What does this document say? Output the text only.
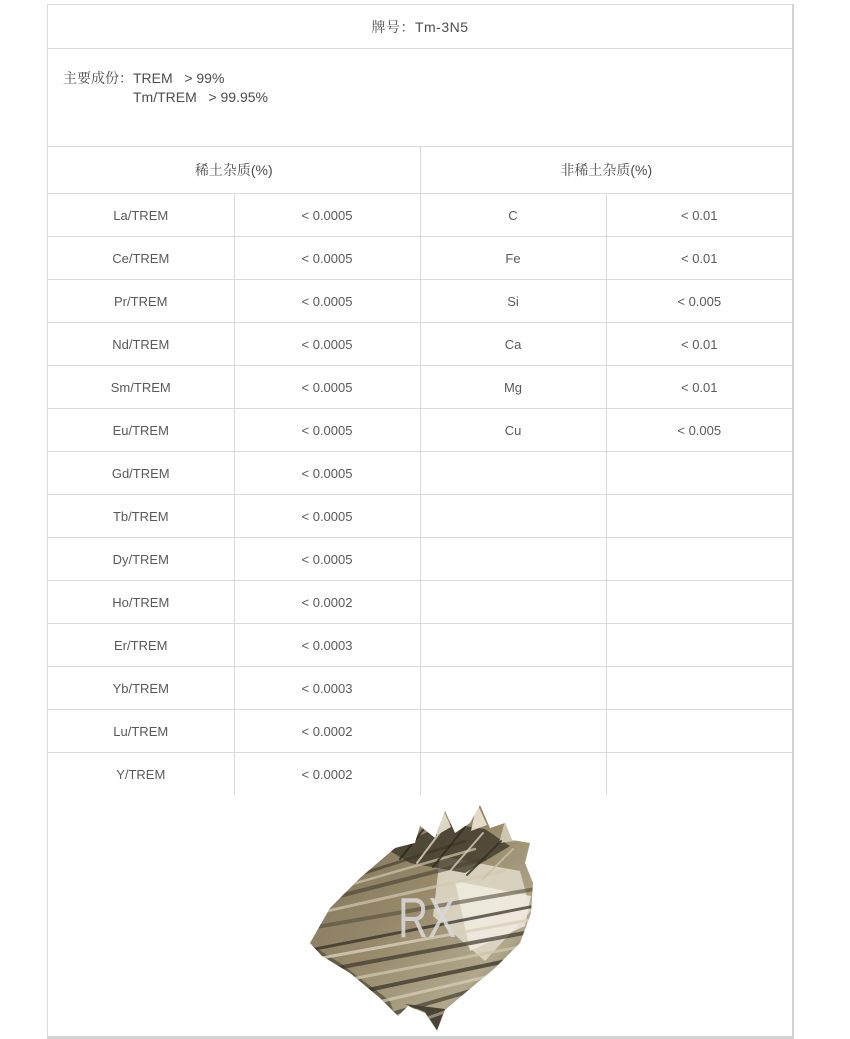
牌号：Tm-3N5
主要成份：TREM   > 99%
Tm/TREM   > 99.95%
稀土杂质(%)		非稀土杂质(%)	
La/TREM	< 0.0005	C	< 0.01
Ce/TREM	< 0.0005	Fe	< 0.01
Pr/TREM	< 0.0005	Si	< 0.005
Nd/TREM	< 0.0005	Ca	< 0.01
Sm/TREM	< 0.0005	Mg	< 0.01
Eu/TREM	< 0.0005	Cu	< 0.005
Gd/TREM	< 0.0005		
Tb/TREM	< 0.0005		
Dy/TREM	< 0.0005		
Ho/TREM	< 0.0002		
Er/TREM	< 0.0003		
Yb/TREM	< 0.0003		
Lu/TREM	< 0.0002		
Y/TREM	< 0.0002		
RX
